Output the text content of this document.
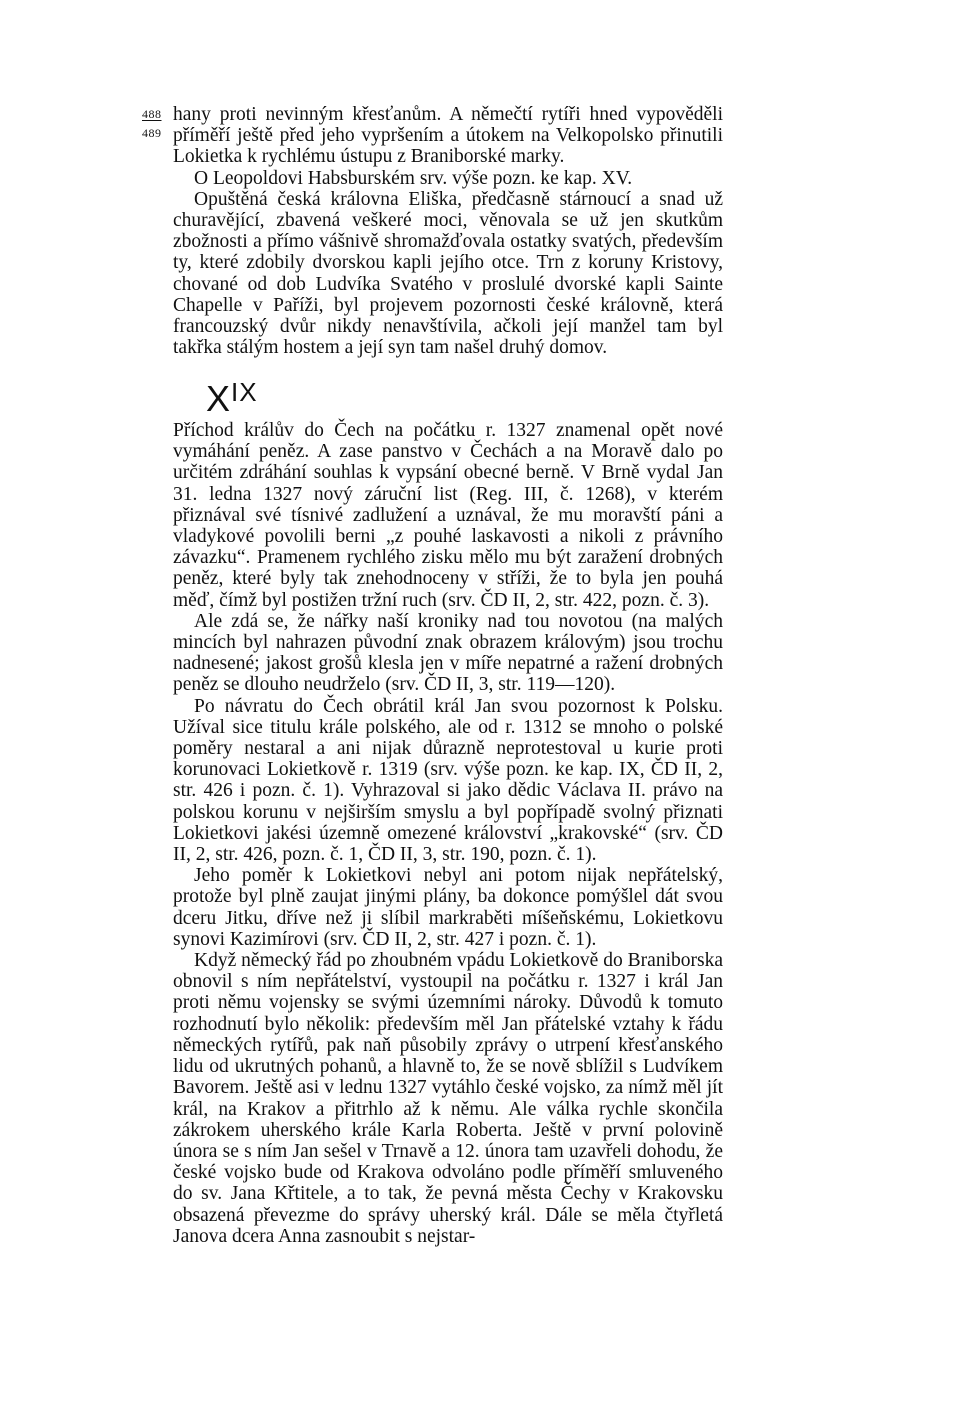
488
489

hany proti nevinným křesťanům. A němečtí rytíři hned vypověděli příměří ještě před jeho vypršením a útokem na Velkopolsko přinutili Lokietka k rychlému ústupu z Braniborské marky.

O Leopoldovi Habsburském srv. výše pozn. ke kap. XV.

Opuštěná česká královna Eliška, předčasně stárnoucí a snad už churavějící, zbavená veškeré moci, věnovala se už jen skutkům zbožnosti a přímo vášnivě shromažďovala ostatky svatých, především ty, které zdobily dvorskou kapli jejího otce. Trn z koruny Kristovy, chované od dob Ludvíka Svatého v proslulé dvorské kapli Sainte Chapelle v Paříži, byl projevem pozornosti české královně, která francouzský dvůr nikdy nenavštívila, ačkoli její manžel tam byl takřka stálým hostem a její syn tam našel druhý domov.

$X^{IX}$

Příchod králův do Čech na počátku r. 1327 znamenal opět nové vymáhání peněz. A zase panstvo v Čechách a na Moravě dalo po určitém zdráhání souhlas k vypsání obecné berně. V Brně vydal Jan 31. ledna 1327 nový záruční list (Reg. III, č. 1268), v kterém přiznával své tísnivé zadlužení a uznával, že mu moravští páni a vladykové povolili berni „z pouhé laskavosti a nikoli z právního závazku“. Pramenem rychlého zisku mělo mu být zaražení drobných peněz, které byly tak znehodnoceny v stříži, že to byla jen pouhá měď, čímž byl postižen tržní ruch (srv. ČD II, 2, str. 422, pozn. č. 3).

Ale zdá se, že nářky naší kroniky nad tou novotou (na malých mincích byl nahrazen původní znak obrazem královým) jsou trochu nadnesené; jakost grošů klesla jen v míře nepatrné a ražení drobných peněz se dlouho neudrželo (srv. ČD II, 3, str. 119—120).

Po návratu do Čech obrátil král Jan svou pozornost k Polsku. Užíval sice titulu krále polského, ale od r. 1312 se mnoho o polské poměry nestaral a ani nijak důrazně neprotestoval u kurie proti korunovaci Lokietkově r. 1319 (srv. výše pozn. ke kap. IX, ČD II, 2, str. 426 i pozn. č. 1). Vyhrazoval si jako dědic Václava II. právo na polskou korunu v nejširším smyslu a byl popřípadě svolný přiznati Lokietkovi jakési územně omezené království „krakovské“ (srv. ČD II, 2, str. 426, pozn. č. 1, ČD II, 3, str. 190, pozn. č. 1).

Jeho poměr k Lokietkovi nebyl ani potom nijak nepřátelský, protože byl plně zaujat jinými plány, ba dokonce pomýšlel dát svou dceru Jitku, dříve než ji slíbil markraběti míšeňskému, Lokietkovu synovi Kazimírovi (srv. ČD II, 2, str. 427 i pozn. č. 1).

Když německý řád po zhoubném vpádu Lokietkově do Braniborska obnovil s ním nepřátelství, vystoupil na počátku r. 1327 i král Jan proti němu vojensky se svými územními nároky. Důvodů k tomuto rozhodnutí bylo několik: především měl Jan přátelské vztahy k řádu německých rytířů, pak naň působily zprávy o utrpení křesťanského lidu od ukrutných pohanů, a hlavně to, že se nově sblížil s Ludvíkem Bavorem. Ještě asi v lednu 1327 vytáhlo české vojsko, za nímž měl jít král, na Krakov a přitrhlo až k němu. Ale válka rychle skončila zákrokem uherského krále Karla Roberta. Ještě v první polovině února se s ním Jan sešel v Trnavě a 12. února tam uzavřeli dohodu, že české vojsko bude od Krakova odvoláno podle příměří smluveného do sv. Jana Křtitele, a to tak, že pevná města Čechy v Krakovsku obsazená převezme do správy uherský král. Dále se měla čtyřletá Janova dcera Anna zasnoubit s nejstar-
